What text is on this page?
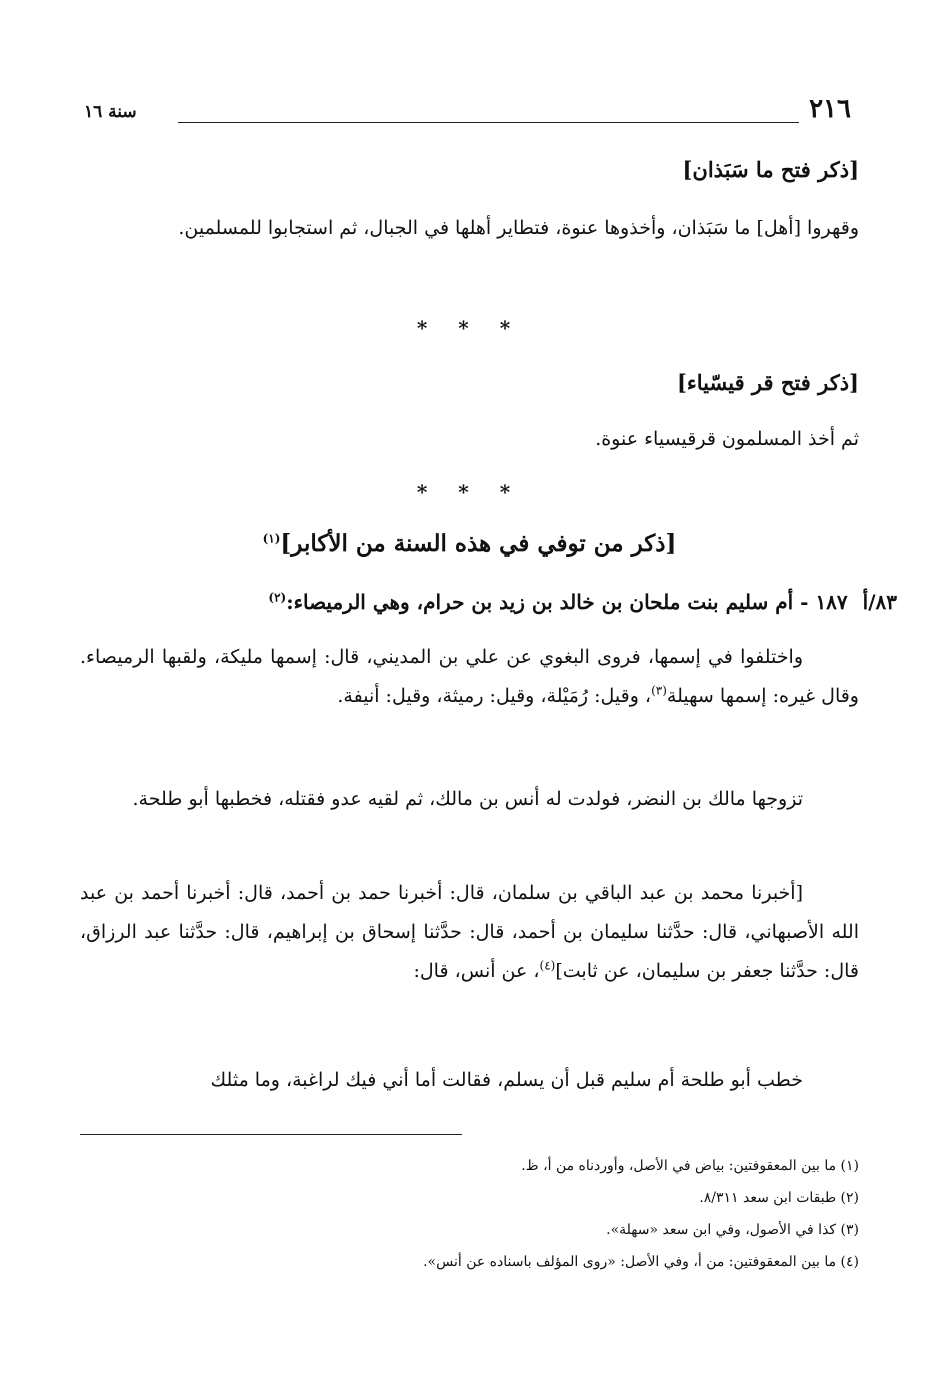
٢١٦
سنة ١٦
[ذكر فتح ما سَبَذان]
وقهروا [أهل] ما سَبَذان، وأخذوها عنوة، فتطاير أهلها في الجبال، ثم استجابوا للمسلمين.
* * *
[ذكر فتح قر قيسّياء]
ثم أخذ المسلمون قرقيسياء عنوة.
* * *
[ذكر من توفي في هذه السنة من الأكابر]$^{(١)}$
٨٣/أ ١٨٧ - أم سليم بنت ملحان بن خالد بن زيد بن حرام، وهي الرميصاء:$^{(٢)}$
واختلفوا في إسمها، فروى البغوي عن علي بن المديني، قال: إسمها مليكة، ولقبها الرميصاء. وقال غيره: إسمها سهيلة$^{(٣)}$، وقيل: رُمَيْلة، وقيل: رميثة، وقيل: أنيفة.
تزوجها مالك بن النضر، فولدت له أنس بن مالك، ثم لقيه عدو فقتله، فخطبها أبو طلحة.
[أخبرنا محمد بن عبد الباقي بن سلمان، قال: أخبرنا حمد بن أحمد، قال: أخبرنا أحمد بن عبد الله الأصبهاني، قال: حدَّثنا سليمان بن أحمد، قال: حدَّثنا إسحاق بن إبراهيم، قال: حدَّثنا عبد الرزاق، قال: حدَّثنا جعفر بن سليمان، عن ثابت]$^{(٤)}$، عن أنس، قال:
خطب أبو طلحة أم سليم قبل أن يسلم، فقالت أما أني فيك لراغبة، وما مثلك
(١) ما بين المعقوفتين: بياض في الأصل، وأوردناه من أ، ظ.
(٢) طبقات ابن سعد ٨/٣١١.
(٣) كذا في الأصول، وفي ابن سعد «سهلة».
(٤) ما بين المعقوفتين: من أ، وفي الأصل: «روى المؤلف باسناده عن أنس».
